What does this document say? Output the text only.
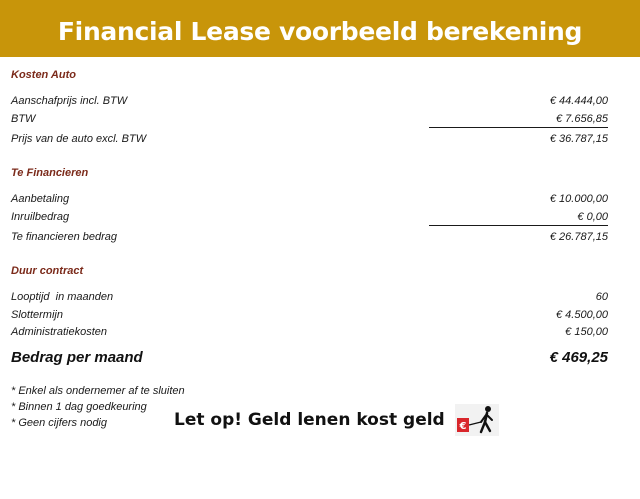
Financial Lease voorbeeld berekening
Kosten Auto
Aanschafprijs incl. BTW	€ 44.444,00
BTW	€ 7.656,85
Prijs van de auto excl. BTW	€ 36.787,15
Te Financieren
Aanbetaling	€ 10.000,00
Inruilbedrag	€ 0,00
Te financieren bedrag	€ 26.787,15
Duur contract
Looptijd  in maanden	60
Slottermijn	€ 4.500,00
Administratiekosten	€ 150,00
Bedrag per maand	€ 469,25
* Enkel als ondernemer af te sluiten
* Binnen 1 dag goedkeuring
* Geen cijfers nodig	Let op! Geld lenen kost geld €
